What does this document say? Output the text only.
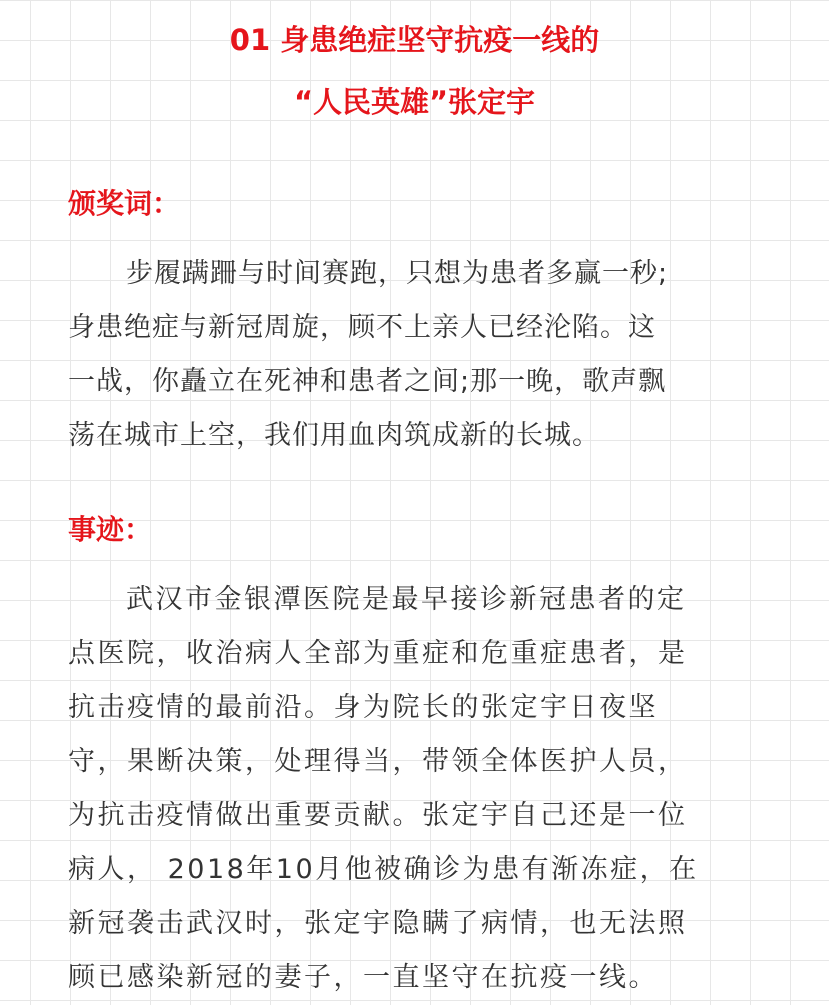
01 身患绝症坚守抗疫一线的
“人民英雄”张定宇
颁奖词：
步履蹒跚与时间赛跑，只想为患者多赢一秒;
身患绝症与新冠周旋，顾不上亲人已经沦陷。这
一战，你矗立在死神和患者之间;那一晚，歌声飘
荡在城市上空，我们用血肉筑成新的长城。
事迹：
武汉市金银潭医院是最早接诊新冠患者的定
点医院，收治病人全部为重症和危重症患者，是
抗击疫情的最前沿。身为院长的张定宇日夜坚
守，果断决策，处理得当，带领全体医护人员，
为抗击疫情做出重要贡献。张定宇自己还是一位
病人， 2018年10月他被确诊为患有渐冻症，在
新冠袭击武汉时，张定宇隐瞒了病情，也无法照
顾已感染新冠的妻子，一直坚守在抗疫一线。
